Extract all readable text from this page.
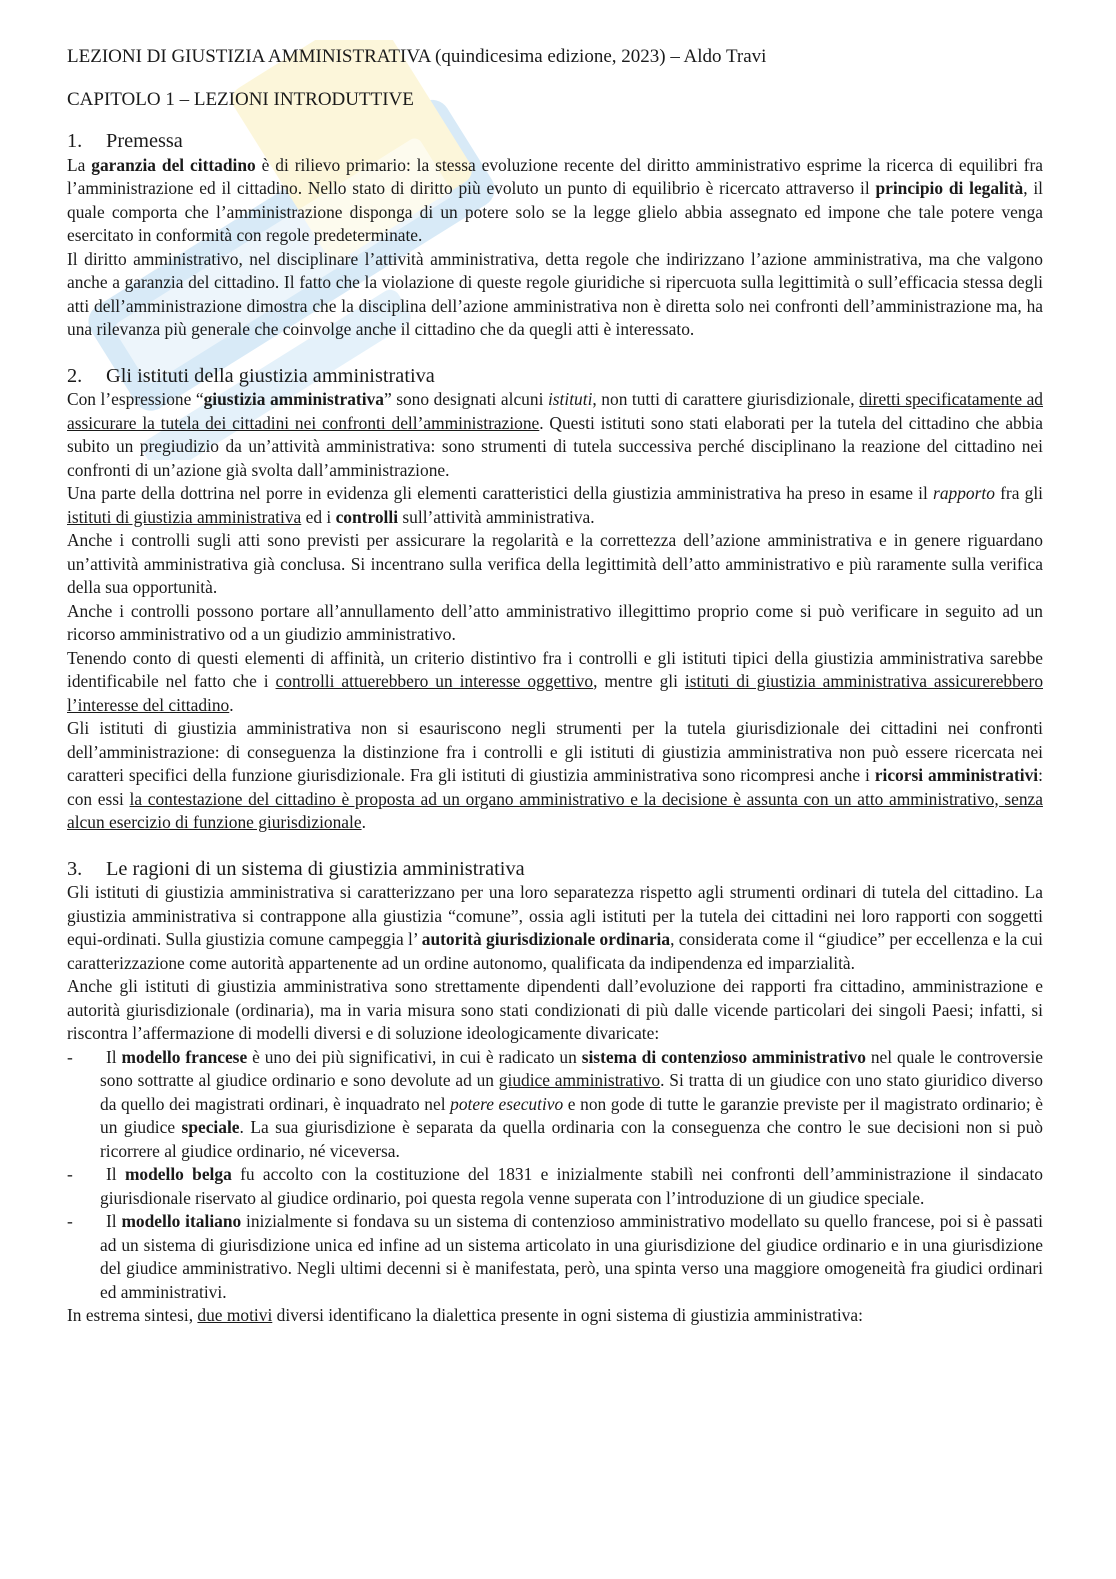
LEZIONI DI GIUSTIZIA AMMINISTRATIVA (quindicesima edizione, 2023) – Aldo Travi
CAPITOLO 1 – LEZIONI INTRODUTTIVE
1. Premessa

La garanzia del cittadino è di rilievo primario: la stessa evoluzione recente del diritto amministrativo esprime la ricerca di equilibri fra l’amministrazione ed il cittadino. Nello stato di diritto più evoluto un punto di equilibrio è ricercato attraverso il principio di legalità, il quale comporta che l’amministrazione disponga di un potere solo se la legge glielo abbia assegnato ed impone che tale potere venga esercitato in conformità con regole predeterminate.

Il diritto amministrativo, nel disciplinare l’attività amministrativa, detta regole che indirizzano l’azione amministrativa, ma che valgono anche a garanzia del cittadino. Il fatto che la violazione di queste regole giuridiche si ripercuota sulla legittimità o sull’efficacia stessa degli atti dell’amministrazione dimostra che la disciplina dell’azione amministrativa non è diretta solo nei confronti dell’amministrazione ma, ha una rilevanza più generale che coinvolge anche il cittadino che da quegli atti è interessato.

2. Gli istituti della giustizia amministrativa

Con l’espressione “giustizia amministrativa” sono designati alcuni istituti, non tutti di carattere giurisdizionale, diretti specificatamente ad assicurare la tutela dei cittadini nei confronti dell’amministrazione. Questi istituti sono stati elaborati per la tutela del cittadino che abbia subito un pregiudizio da un’attività amministrativa: sono strumenti di tutela successiva perché disciplinano la reazione del cittadino nei confronti di un’azione già svolta dall’amministrazione.

Una parte della dottrina nel porre in evidenza gli elementi caratteristici della giustizia amministrativa ha preso in esame il rapporto fra gli istituti di giustizia amministrativa ed i controlli sull’attività amministrativa.

Anche i controlli sugli atti sono previsti per assicurare la regolarità e la correttezza dell’azione amministrativa e in genere riguardano un’attività amministrativa già conclusa. Si incentrano sulla verifica della legittimità dell’atto amministrativo e più raramente sulla verifica della sua opportunità.

Anche i controlli possono portare all’annullamento dell’atto amministrativo illegittimo proprio come si può verificare in seguito ad un ricorso amministrativo od a un giudizio amministrativo.

Tenendo conto di questi elementi di affinità, un criterio distintivo fra i controlli e gli istituti tipici della giustizia amministrativa sarebbe identificabile nel fatto che i controlli attuerebbero un interesse oggettivo, mentre gli istituti di giustizia amministrativa assicurerebbero l’interesse del cittadino.

Gli istituti di giustizia amministrativa non si esauriscono negli strumenti per la tutela giurisdizionale dei cittadini nei confronti dell’amministrazione: di conseguenza la distinzione fra i controlli e gli istituti di giustizia amministrativa non può essere ricercata nei caratteri specifici della funzione giurisdizionale. Fra gli istituti di giustizia amministrativa sono ricompresi anche i ricorsi amministrativi: con essi la contestazione del cittadino è proposta ad un organo amministrativo e la decisione è assunta con un atto amministrativo, senza alcun esercizio di funzione giurisdizionale.

3. Le ragioni di un sistema di giustizia amministrativa

Gli istituti di giustizia amministrativa si caratterizzano per una loro separatezza rispetto agli strumenti ordinari di tutela del cittadino. La giustizia amministrativa si contrappone alla giustizia “comune”, ossia agli istituti per la tutela dei cittadini nei loro rapporti con soggetti equi-ordinati. Sulla giustizia comune campeggia l’ autorità giurisdizionale ordinaria, considerata come il “giudice” per eccellenza e la cui caratterizzazione come autorità appartenente ad un ordine autonomo, qualificata da indipendenza ed imparzialità.

Anche gli istituti di giustizia amministrativa sono strettamente dipendenti dall’evoluzione dei rapporti fra cittadino, amministrazione e autorità giurisdizionale (ordinaria), ma in varia misura sono stati condizionati di più dalle vicende particolari dei singoli Paesi; infatti, si riscontra l’affermazione di modelli diversi e di soluzione ideologicamente divaricate:

- Il modello francese è uno dei più significativi, in cui è radicato un sistema di contenzioso amministrativo nel quale le controversie sono sottratte al giudice ordinario e sono devolute ad un giudice amministrativo. Si tratta di un giudice con uno stato giuridico diverso da quello dei magistrati ordinari, è inquadrato nel potere esecutivo e non gode di tutte le garanzie previste per il magistrato ordinario; è un giudice speciale. La sua giurisdizione è separata da quella ordinaria con la conseguenza che contro le sue decisioni non si può ricorrere al giudice ordinario, né viceversa.
- Il modello belga fu accolto con la costituzione del 1831 e inizialmente stabilì nei confronti dell’amministrazione il sindacato giurisdionale riservato al giudice ordinario, poi questa regola venne superata con l’introduzione di un giudice speciale.
- Il modello italiano inizialmente si fondava su un sistema di contenzioso amministrativo modellato su quello francese, poi si è passati ad un sistema di giurisdizione unica ed infine ad un sistema articolato in una giurisdizione del giudice ordinario e in una giurisdizione del giudice amministrativo. Negli ultimi decenni si è manifestata, però, una spinta verso una maggiore omogeneità fra giudici ordinari ed amministrativi.

In estrema sintesi, due motivi diversi identificano la dialettica presente in ogni sistema di giustizia amministrativa:
